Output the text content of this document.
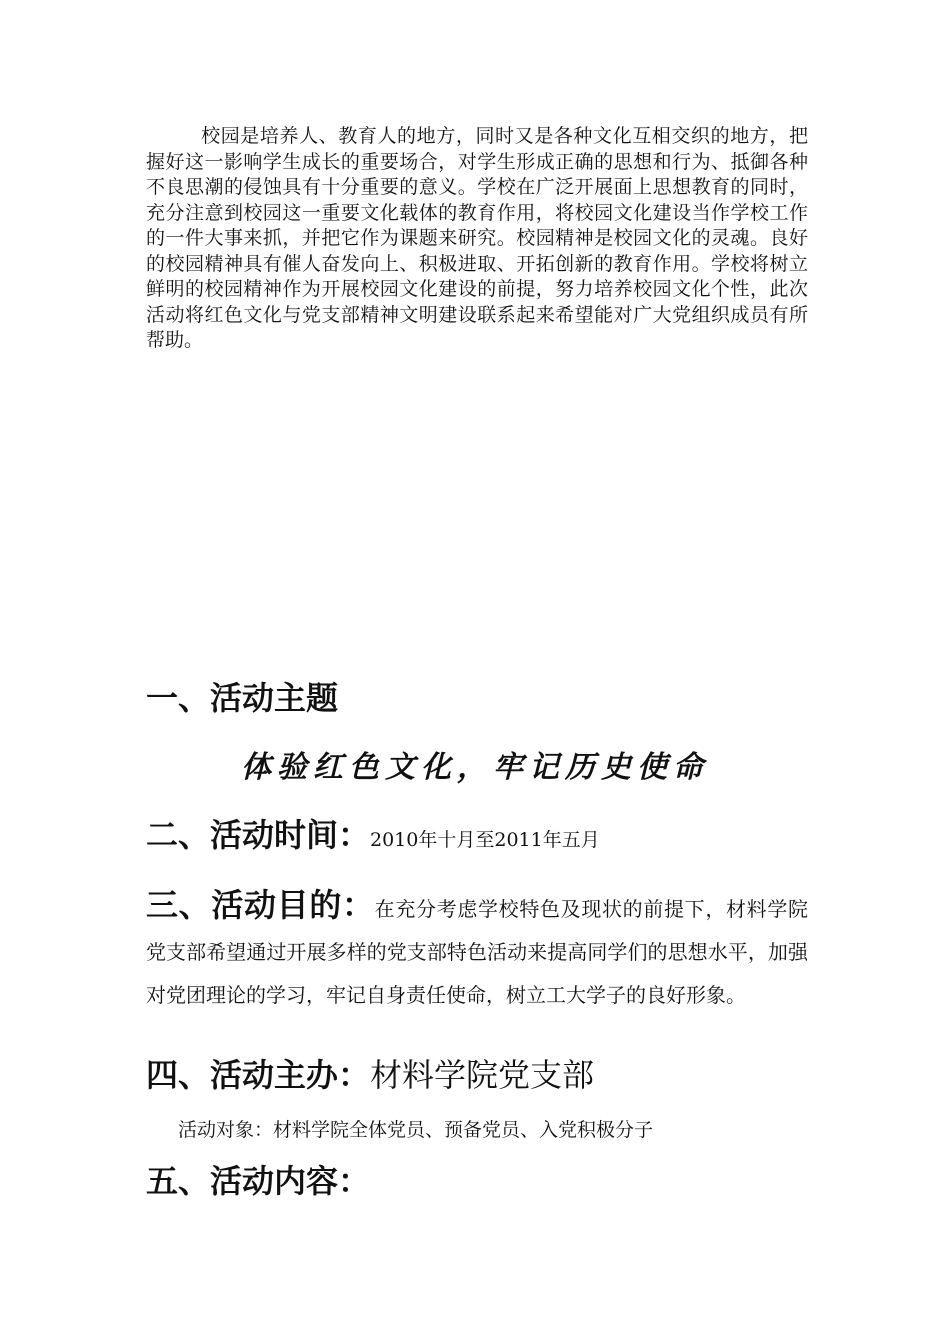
校园是培养人、教育人的地方，同时又是各种文化互相交织的地方，把握好这一影响学生成长的重要场合，对学生形成正确的思想和行为、抵御各种不良思潮的侵蚀具有十分重要的意义。学校在广泛开展面上思想教育的同时，充分注意到校园这一重要文化载体的教育作用，将校园文化建设当作学校工作的一件大事来抓，并把它作为课题来研究。校园精神是校园文化的灵魂。良好的校园精神具有催人奋发向上、积极进取、开拓创新的教育作用。学校将树立鲜明的校园精神作为开展校园文化建设的前提，努力培养校园文化个性，此次活动将红色文化与党支部精神文明建设联系起来希望能对广大党组织成员有所帮助。

一、活动主题

体验红色文化，牢记历史使命

二、活动时间：2010年十月至2011年五月

三、活动目的：在充分考虑学校特色及现状的前提下，材料学院党支部希望通过开展多样的党支部特色活动来提高同学们的思想水平，加强对党团理论的学习，牢记自身责任使命，树立工大学子的良好形象。

四、活动主办：材料学院党支部

活动对象：材料学院全体党员、预备党员、入党积极分子

五、活动内容：
